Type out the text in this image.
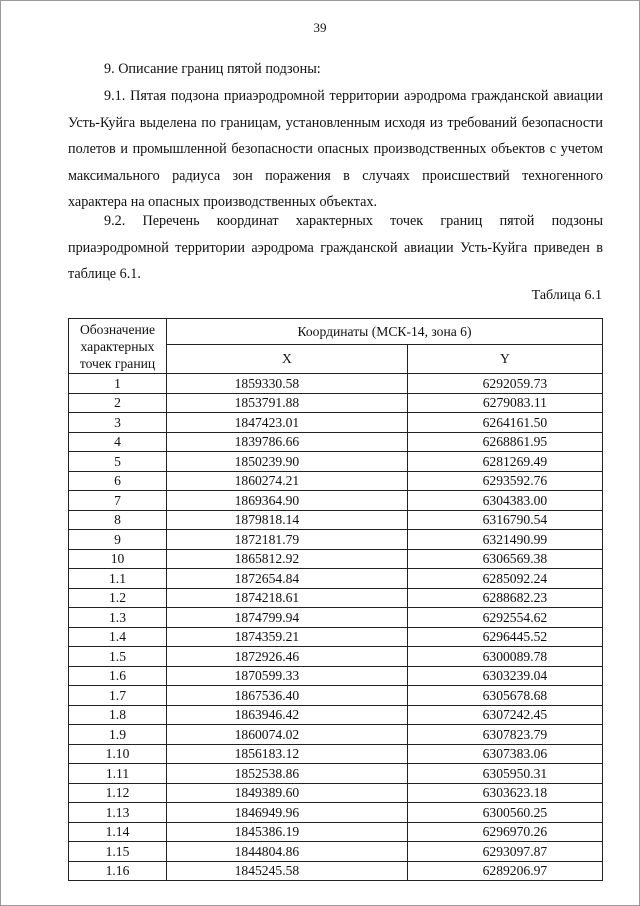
39
9. Описание границ пятой подзоны:
9.1. Пятая подзона приаэродромной территории аэродрома гражданской авиации Усть-Куйга выделена по границам, установленным исходя из требований безопасности полетов и промышленной безопасности опасных производственных объектов с учетом максимального радиуса зон поражения в случаях происшествий техногенного характера на опасных производственных объектах.
9.2. Перечень координат характерных точек границ пятой подзоны приаэродромной территории аэродрома гражданской авиации Усть-Куйга приведен в таблице 6.1.
Таблица 6.1
Обозначение характерных точек границ	Координаты (МСК-14, зона 6)	
	X	Y
1	1859330.58	6292059.73
2	1853791.88	6279083.11
3	1847423.01	6264161.50
4	1839786.66	6268861.95
5	1850239.90	6281269.49
6	1860274.21	6293592.76
7	1869364.90	6304383.00
8	1879818.14	6316790.54
9	1872181.79	6321490.99
10	1865812.92	6306569.38
1.1	1872654.84	6285092.24
1.2	1874218.61	6288682.23
1.3	1874799.94	6292554.62
1.4	1874359.21	6296445.52
1.5	1872926.46	6300089.78
1.6	1870599.33	6303239.04
1.7	1867536.40	6305678.68
1.8	1863946.42	6307242.45
1.9	1860074.02	6307823.79
1.10	1856183.12	6307383.06
1.11	1852538.86	6305950.31
1.12	1849389.60	6303623.18
1.13	1846949.96	6300560.25
1.14	1845386.19	6296970.26
1.15	1844804.86	6293097.87
1.16	1845245.58	6289206.97
